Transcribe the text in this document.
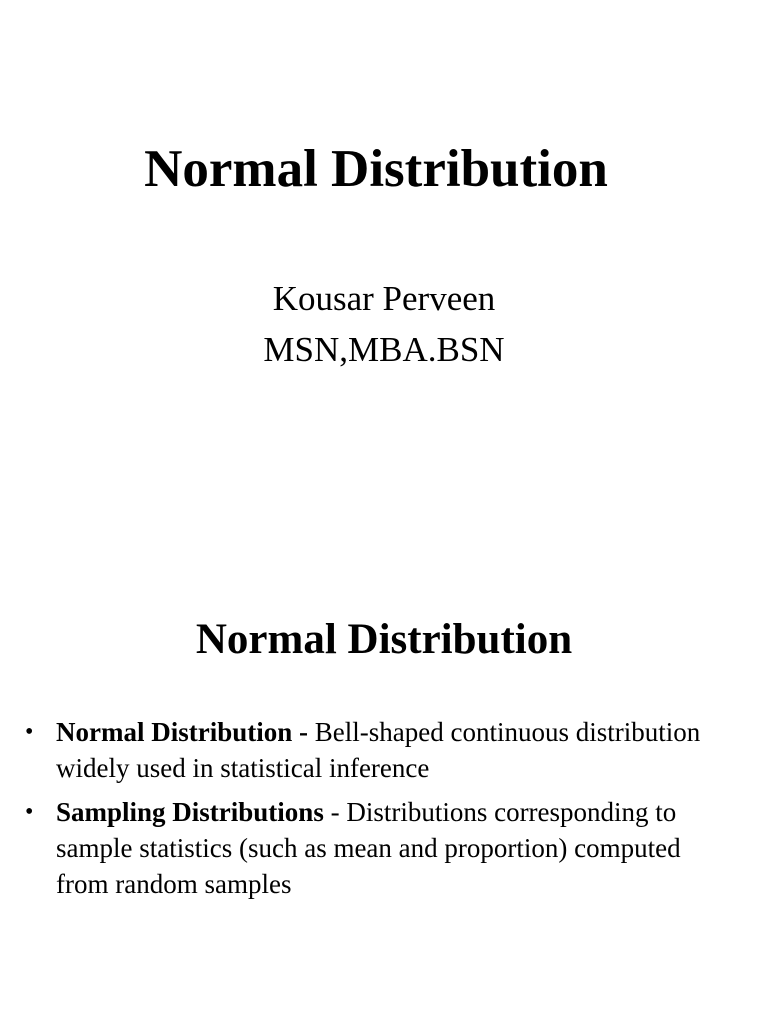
Normal Distribution
Kousar Perveen
MSN,MBA.BSN
Normal Distribution
• Normal Distribution - Bell-shaped continuous distribution widely used in statistical inference
• Sampling Distributions - Distributions corresponding to sample statistics (such as mean and proportion) computed from random samples
